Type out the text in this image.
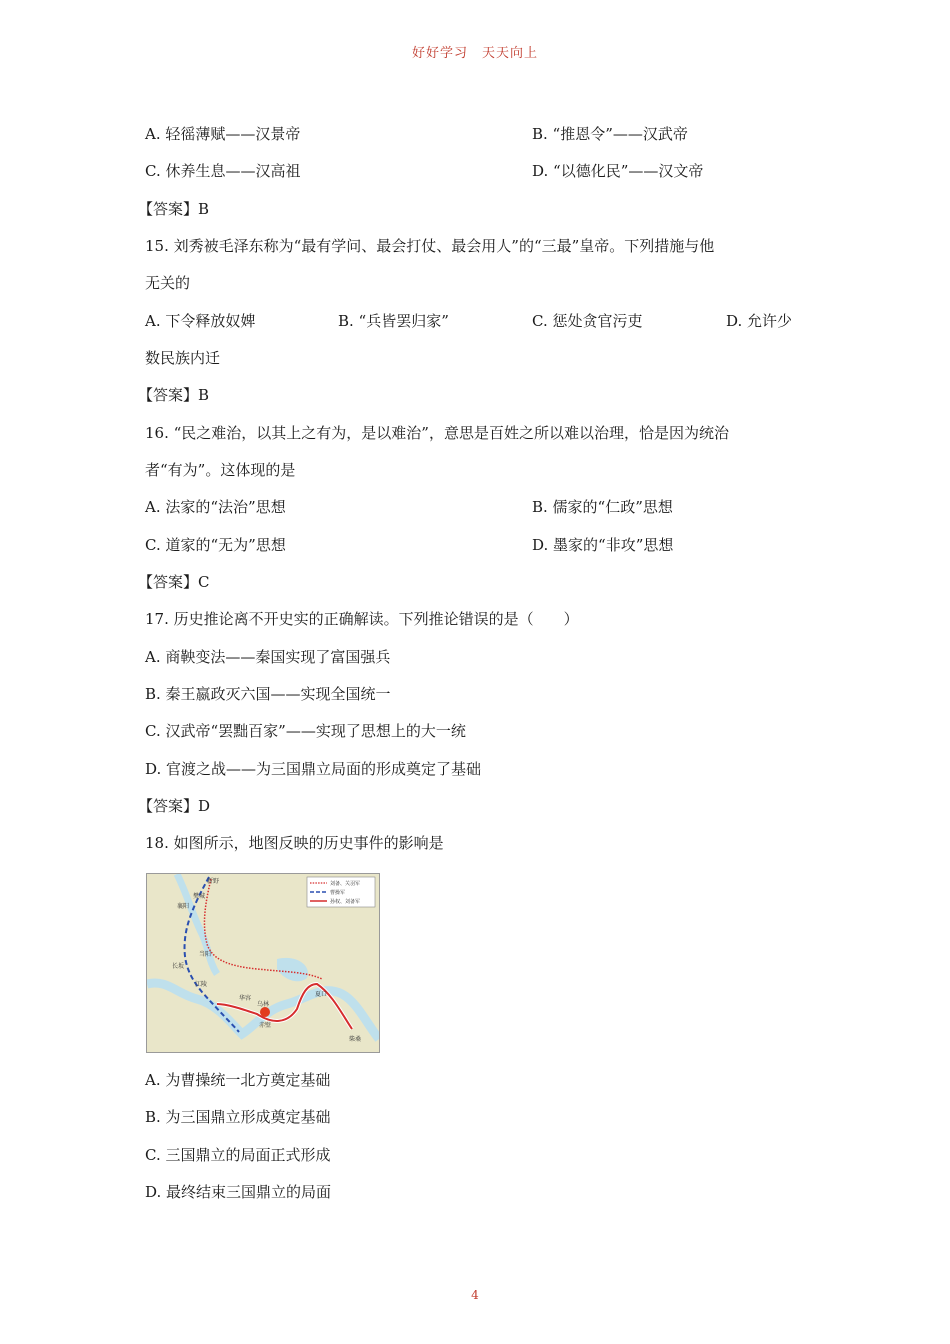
好好学习　天天向上
A. 轻徭薄赋——汉景帝	B. “推恩令”——汉武帝
C. 休养生息——汉高祖	D. “以德化民”——汉文帝
【答案】B
15. 刘秀被毛泽东称为“最有学问、最会打仗、最会用人”的“三最”皇帝。下列措施与他
无关的
A. 下令释放奴婢	B. “兵皆罢归家”	C. 惩处贪官污吏	D. 允许少
数民族内迁
【答案】B
16. “民之难治，以其上之有为，是以难治”，意思是百姓之所以难以治理，恰是因为统治
者“有为”。这体现的是
A. 法家的“法治”思想	B. 儒家的“仁政”思想
C. 道家的“无为”思想	D. 墨家的“非攻”思想
【答案】C
17. 历史推论离不开史实的正确解读。下列推论错误的是（　　）
A. 商鞅变法——秦国实现了富国强兵
B. 秦王嬴政灭六国——实现全国统一
C. 汉武帝“罢黜百家”——实现了思想上的大一统
D. 官渡之战——为三国鼎立局面的形成奠定了基础
【答案】D
18. 如图所示，地图反映的历史事件的影响是
刘备、关羽军
曹操军
孙权、刘备军
新野
樊城
襄阳
当阳
长坂
江陵
华容
乌林
赤壁
夏口
柴桑
A. 为曹操统一北方奠定基础
B. 为三国鼎立形成奠定基础
C. 三国鼎立的局面正式形成
D. 最终结束三国鼎立的局面
4
